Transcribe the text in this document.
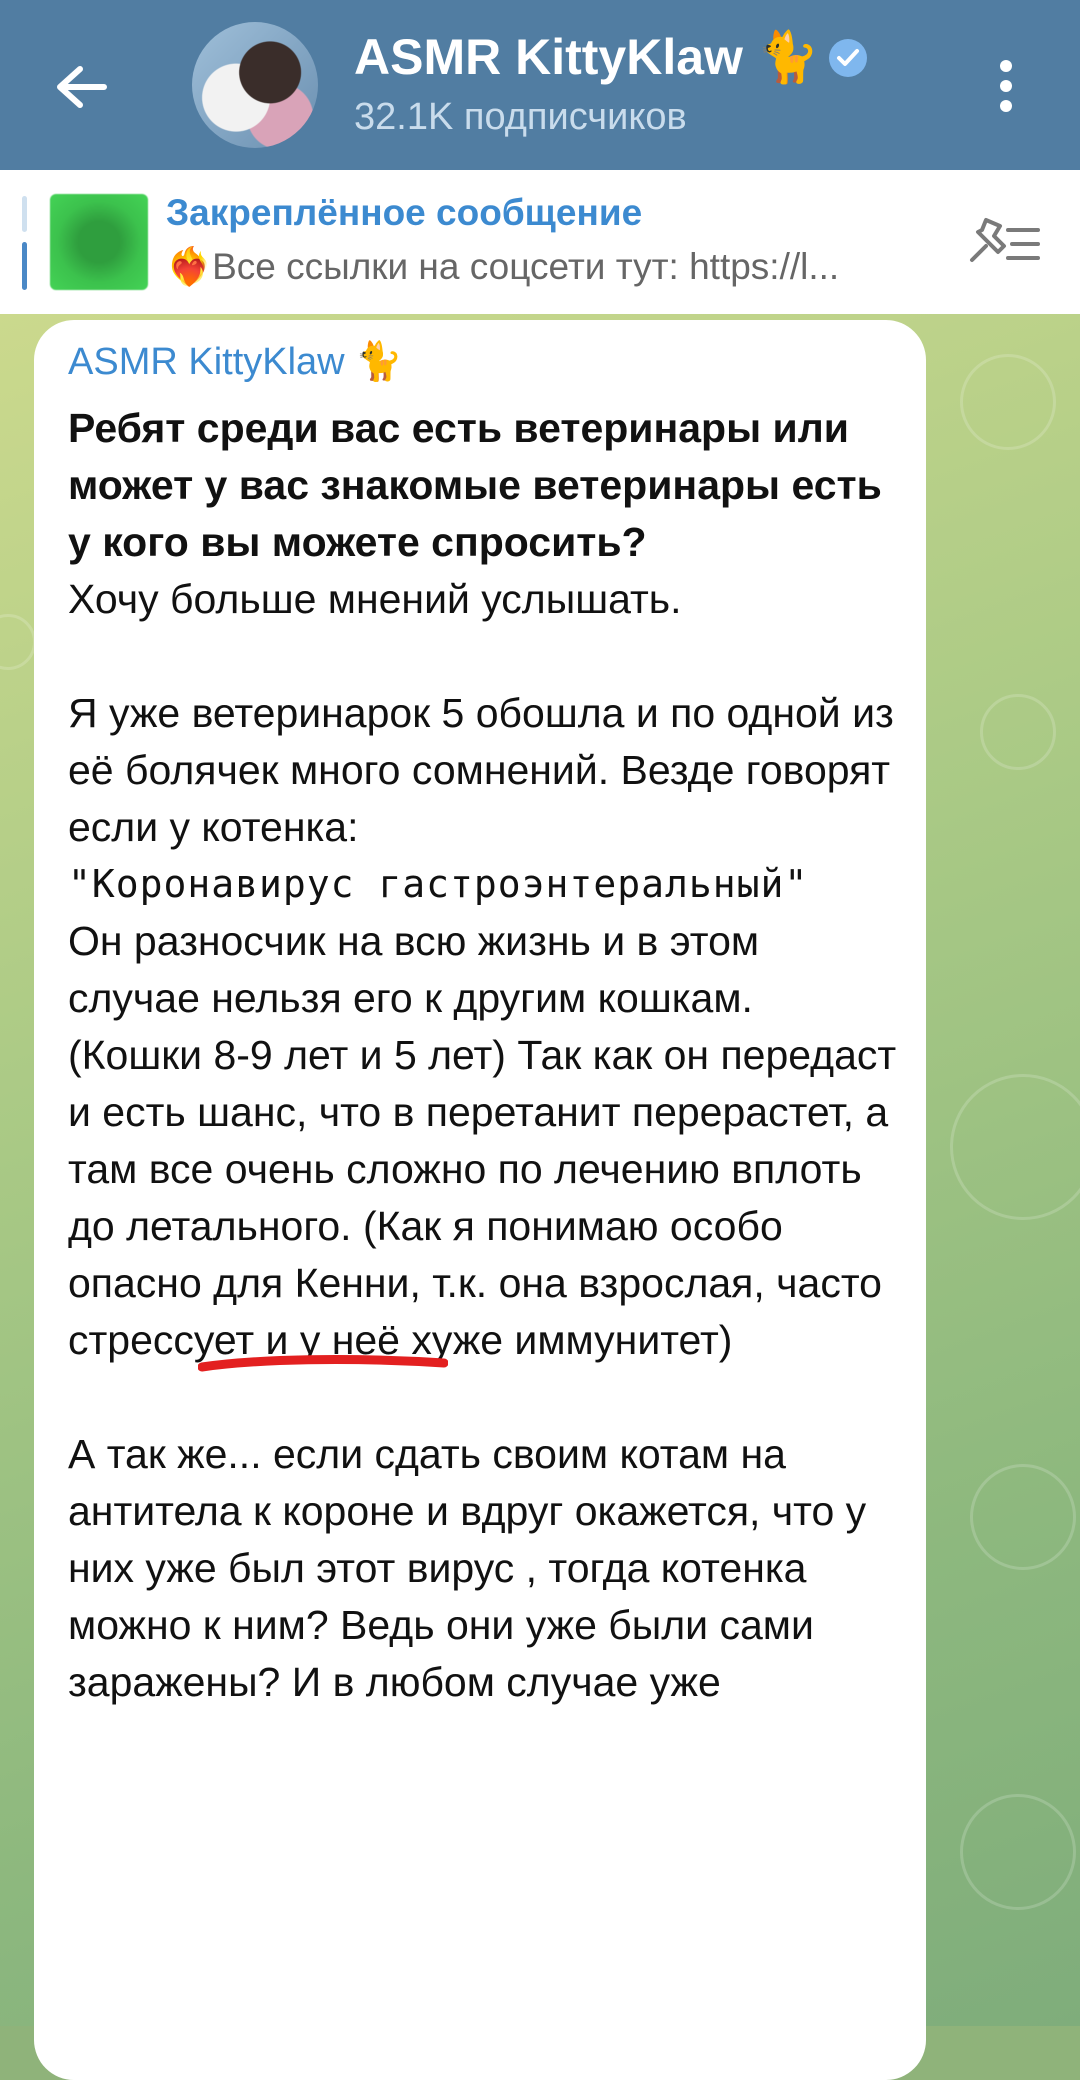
ASMR KittyKlaw 🐈
32.1K подписчиков
Закреплённое сообщение
❤️‍🔥Все ссылки на соцсети тут: https://l...
ASMR KittyKlaw 🐈

Ребят среди вас есть ветеринары или может у вас знакомые ветеринары есть у кого вы можете спросить?

Хочу больше мнений услышать.

Я уже ветеринарок 5 обошла и по одной из её болячек много сомнений. Везде говорят если у котенка:

"Коронавирус гастроэнтеральный"

Он разносчик на всю жизнь и в этом случае нельзя его к другим кошкам. (Кошки 8-9 лет и 5 лет) Так как он передаст и есть шанс, что в перетанит перерастет, а там все очень сложно по лечению вплоть до летального. (Как я понимаю особо опасно для Кенни, т.к. она взрослая, часто стрессует и у неё хуже иммунитет)

А так же... если сдать своим котам на антитела к короне и вдруг окажется, что у них уже был этот вирус , тогда котенка можно к ним? Ведь они уже были сами заражены? И в любом случае уже
